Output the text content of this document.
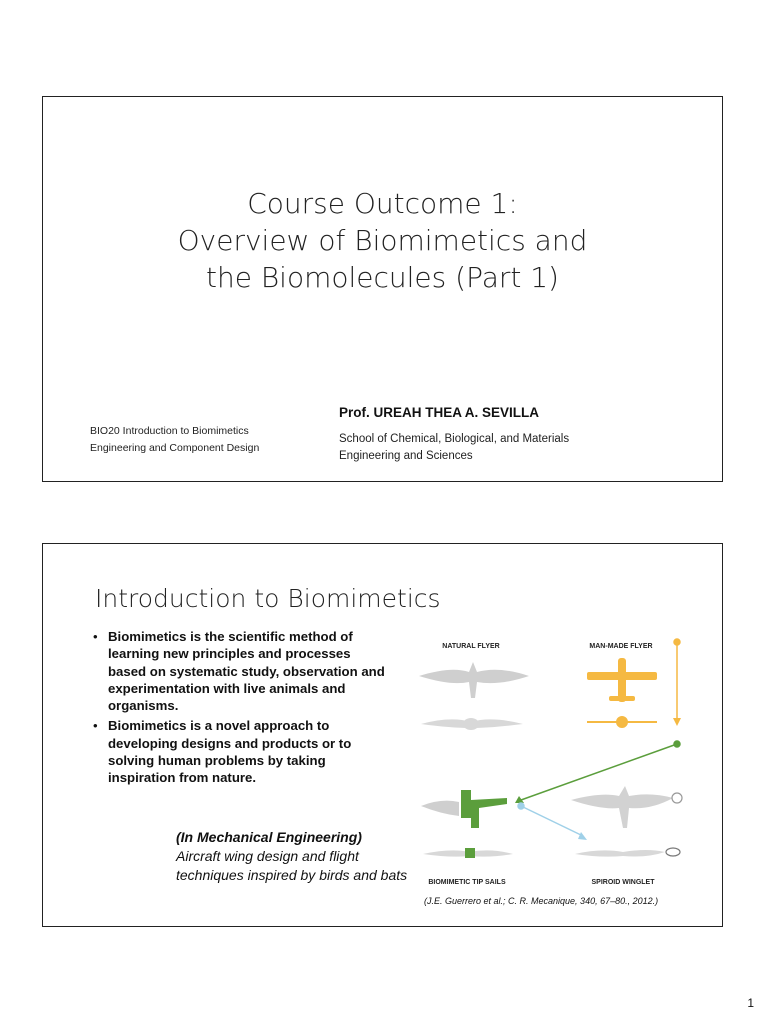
Course Outcome 1:
Overview of Biomimetics and
the Biomolecules (Part 1)
BIO20 Introduction to Biomimetics
Engineering and Component Design
Prof. UREAH THEA A. SEVILLA
School of Chemical, Biological, and Materials
Engineering and Sciences
Introduction to Biomimetics
• Biomimetics is the scientific method of learning new principles and processes based on systematic study, observation and experimentation with live animals and organisms.
• Biomimetics is a novel approach to developing designs and products or to solving human problems by taking inspiration from nature.
(In Mechanical Engineering)
Aircraft wing design and flight techniques inspired by birds and bats
NATURAL FLYER	MAN-MADE FLYER
BIOMIMETIC TIP SAILS	SPIROID WINGLET
(J.E. Guerrero et al.; C. R. Mecanique, 340, 67–80., 2012.)
1
